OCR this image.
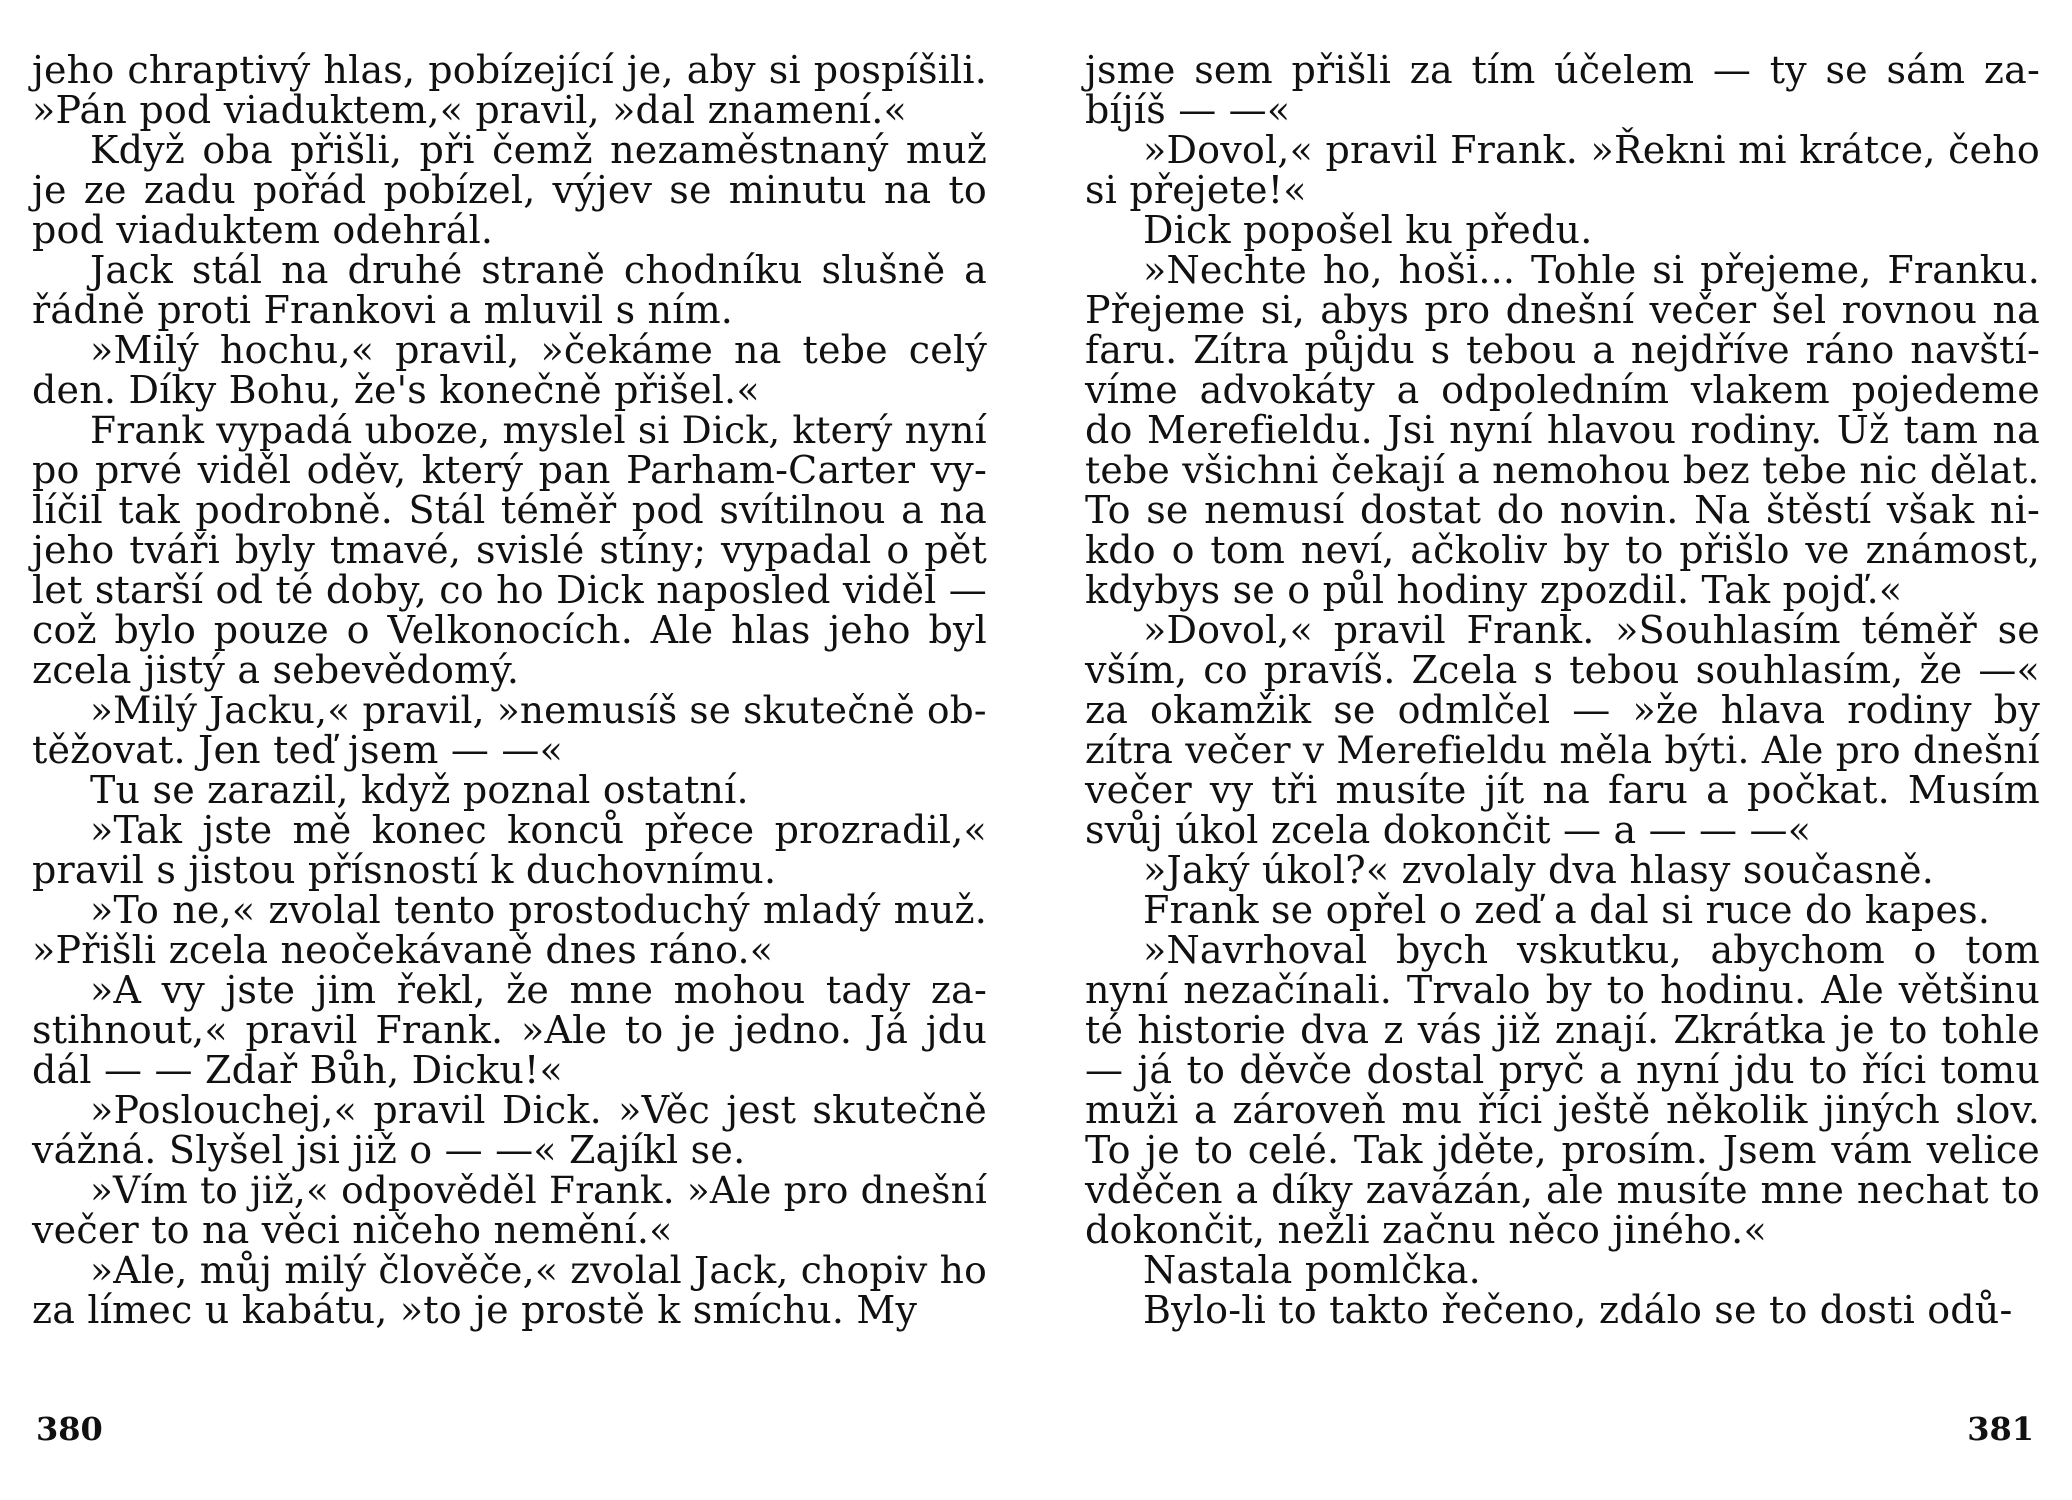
jeho chraptivý hlas, pobízející je, aby si pospíšili.
»Pán pod viaduktem,« pravil, »dal znamení.«
Když oba přišli, při čemž nezaměstnaný muž
je ze zadu pořád pobízel, výjev se minutu na to
pod viaduktem odehrál.
Jack stál na druhé straně chodníku slušně a
řádně proti Frankovi a mluvil s ním.
»Milý hochu,« pravil, »čekáme na tebe celý
den. Díky Bohu, že's konečně přišel.«
Frank vypadá uboze, myslel si Dick, který nyní
po prvé viděl oděv, který pan Parham-Carter vy-
líčil tak podrobně. Stál téměř pod svítilnou a na
jeho tváři byly tmavé, svislé stíny; vypadal o pět
let starší od té doby, co ho Dick naposled viděl —
což bylo pouze o Velkonocích. Ale hlas jeho byl
zcela jistý a sebevědomý.
»Milý Jacku,« pravil, »nemusíš se skutečně ob-
těžovat. Jen teď jsem — —«
Tu se zarazil, když poznal ostatní.
»Tak jste mě konec konců přece prozradil,«
pravil s jistou přísností k duchovnímu.
»To ne,« zvolal tento prostoduchý mladý muž.
»Přišli zcela neočekávaně dnes ráno.«
»A vy jste jim řekl, že mne mohou tady za-
stihnout,« pravil Frank. »Ale to je jedno. Já jdu
dál — — Zdař Bůh, Dicku!«
»Poslouchej,« pravil Dick. »Věc jest skutečně
vážná. Slyšel jsi již o — —« Zajíkl se.
»Vím to již,« odpověděl Frank. »Ale pro dnešní
večer to na věci ničeho nemění.«
»Ale, můj milý člověče,« zvolal Jack, chopiv ho
za límec u kabátu, »to je prostě k smíchu. My
380
jsme sem přišli za tím účelem — ty se sám za-
bíjíš — —«
»Dovol,« pravil Frank. »Řekni mi krátce, čeho
si přejete!«
Dick popošel ku předu.
»Nechte ho, hoši... Tohle si přejeme, Franku.
Přejeme si, abys pro dnešní večer šel rovnou na
faru. Zítra půjdu s tebou a nejdříve ráno navští-
víme advokáty a odpoledním vlakem pojedeme
do Merefieldu. Jsi nyní hlavou rodiny. Už tam na
tebe všichni čekají a nemohou bez tebe nic dělat.
To se nemusí dostat do novin. Na štěstí však ni-
kdo o tom neví, ačkoliv by to přišlo ve známost,
kdybys se o půl hodiny zpozdil. Tak pojď.«
»Dovol,« pravil Frank. »Souhlasím téměř se
vším, co pravíš. Zcela s tebou souhlasím, že —«
za okamžik se odmlčel — »že hlava rodiny by
zítra večer v Merefieldu měla býti. Ale pro dnešní
večer vy tři musíte jít na faru a počkat. Musím
svůj úkol zcela dokončit — a — — —«
»Jaký úkol?« zvolaly dva hlasy současně.
Frank se opřel o zeď a dal si ruce do kapes.
»Navrhoval bych vskutku, abychom o tom
nyní nezačínali. Trvalo by to hodinu. Ale většinu
té historie dva z vás již znají. Zkrátka je to tohle
— já to děvče dostal pryč a nyní jdu to říci tomu
muži a zároveň mu říci ještě několik jiných slov.
To je to celé. Tak jděte, prosím. Jsem vám velice
vděčen a díky zavázán, ale musíte mne nechat to
dokončit, nežli začnu něco jiného.«
Nastala pomlčka.
Bylo-li to takto řečeno, zdálo se to dosti odů-
381
